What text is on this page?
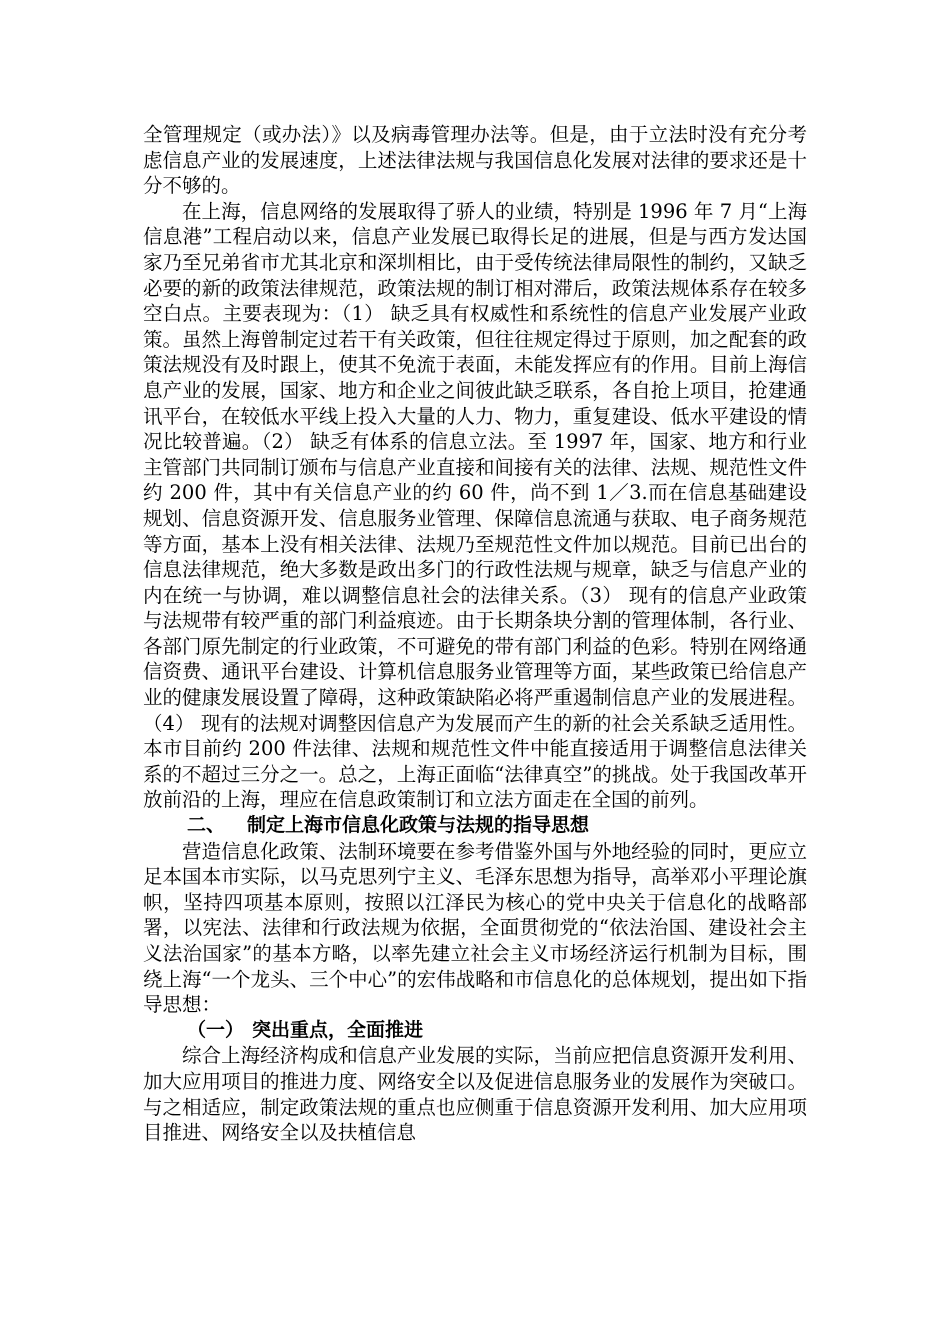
全管理规定（或办法）》以及病毒管理办法等。但是，由于立法时没有充分考虑信息产业的发展速度，上述法律法规与我国信息化发展对法律的要求还是十分不够的。

在上海，信息网络的发展取得了骄人的业绩，特别是 1996 年 7 月“上海信息港”工程启动以来，信息产业发展已取得长足的进展，但是与西方发达国家乃至兄弟省市尤其北京和深圳相比，由于受传统法律局限性的制约，又缺乏必要的新的政策法律规范，政策法规的制订相对滞后，政策法规体系存在较多空白点。主要表现为：（1） 缺乏具有权威性和系统性的信息产业发展产业政策。虽然上海曾制定过若干有关政策，但往往规定得过于原则，加之配套的政策法规没有及时跟上，使其不免流于表面，未能发挥应有的作用。目前上海信息产业的发展，国家、地方和企业之间彼此缺乏联系，各自抢上项目，抢建通讯平台，在较低水平线上投入大量的人力、物力，重复建设、低水平建设的情况比较普遍。（2） 缺乏有体系的信息立法。至 1997 年，国家、地方和行业主管部门共同制订颁布与信息产业直接和间接有关的法律、法规、规范性文件约 200 件，其中有关信息产业的约 60 件，尚不到 1／3.而在信息基础建设规划、信息资源开发、信息服务业管理、保障信息流通与获取、电子商务规范等方面，基本上没有相关法律、法规乃至规范性文件加以规范。目前已出台的信息法律规范，绝大多数是政出多门的行政性法规与规章，缺乏与信息产业的内在统一与协调，难以调整信息社会的法律关系。（3） 现有的信息产业政策与法规带有较严重的部门利益痕迹。由于长期条块分割的管理体制，各行业、各部门原先制定的行业政策，不可避免的带有部门利益的色彩。特别在网络通信资费、通讯平台建设、计算机信息服务业管理等方面，某些政策已给信息产业的健康发展设置了障碍，这种政策缺陷必将严重遏制信息产业的发展进程。（4） 现有的法规对调整因信息产为发展而产生的新的社会关系缺乏适用性。本市目前约 200 件法律、法规和规范性文件中能直接适用于调整信息法律关系的不超过三分之一。总之，上海正面临“法律真空”的挑战。处于我国改革开放前沿的上海，理应在信息政策制订和立法方面走在全国的前列。

二、 制定上海市信息化政策与法规的指导思想

营造信息化政策、法制环境要在参考借鉴外国与外地经验的同时，更应立足本国本市实际，以马克思列宁主义、毛泽东思想为指导，高举邓小平理论旗帜，坚持四项基本原则，按照以江泽民为核心的党中央关于信息化的战略部署，以宪法、法律和行政法规为依据，全面贯彻党的“依法治国、建设社会主义法治国家”的基本方略，以率先建立社会主义市场经济运行机制为目标，围绕上海“一个龙头、三个中心”的宏伟战略和市信息化的总体规划，提出如下指导思想：

（一） 突出重点，全面推进

综合上海经济构成和信息产业发展的实际，当前应把信息资源开发利用、加大应用项目的推进力度、网络安全以及促进信息服务业的发展作为突破口。与之相适应，制定政策法规的重点也应侧重于信息资源开发利用、加大应用项目推进、网络安全以及扶植信息
